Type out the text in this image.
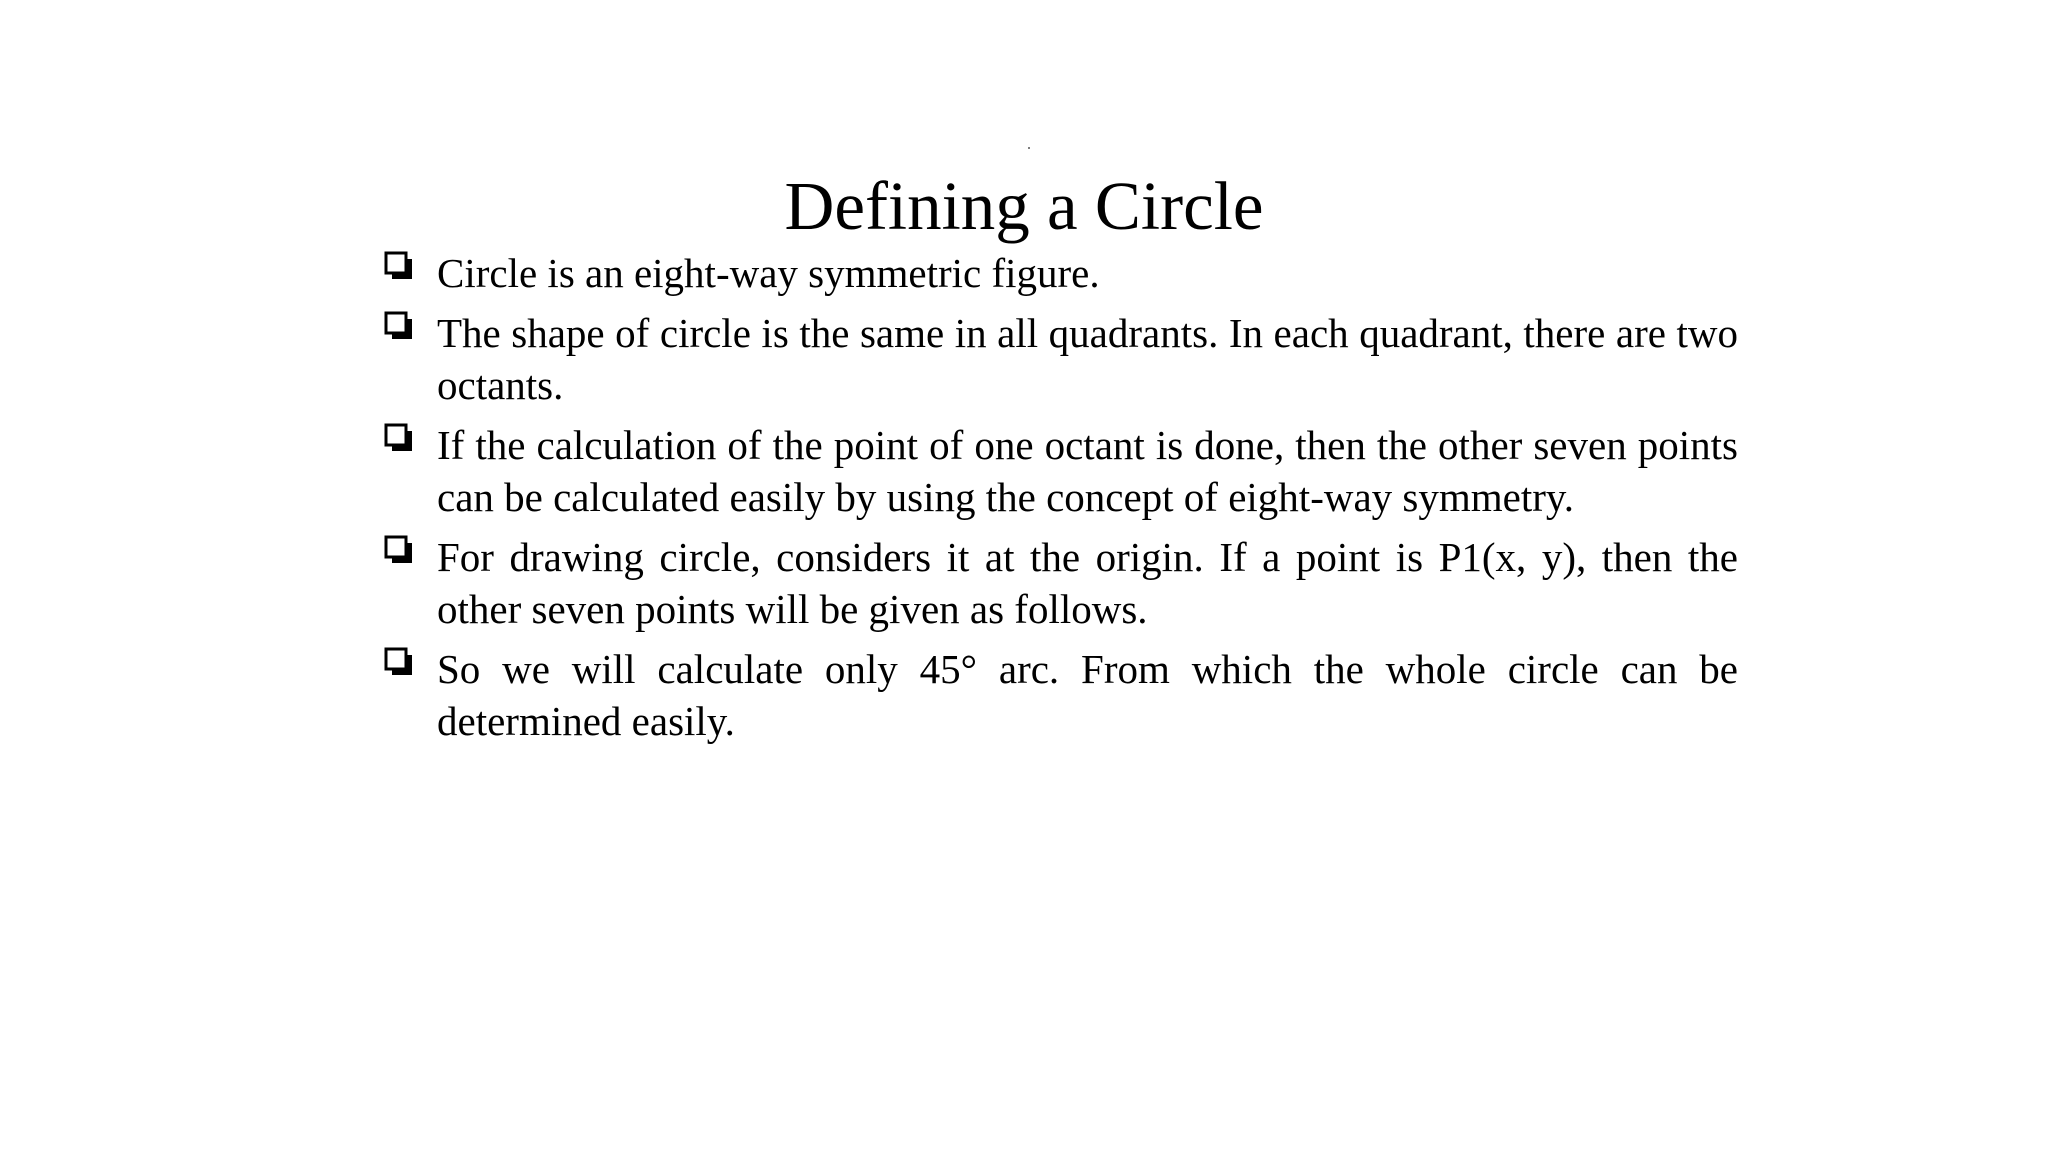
Defining a Circle
Circle is an eight-way symmetric figure.
The shape of circle is the same in all quadrants. In each quadrant, there are two octants.
If the calculation of the point of one octant is done, then the other seven points can be calculated easily by using the concept of eight-way symmetry.
For drawing circle, considers it at the origin. If a point is P1(x, y), then the other seven points will be given as follows.
So we will calculate only 45° arc. From which the whole circle can be determined easily.
